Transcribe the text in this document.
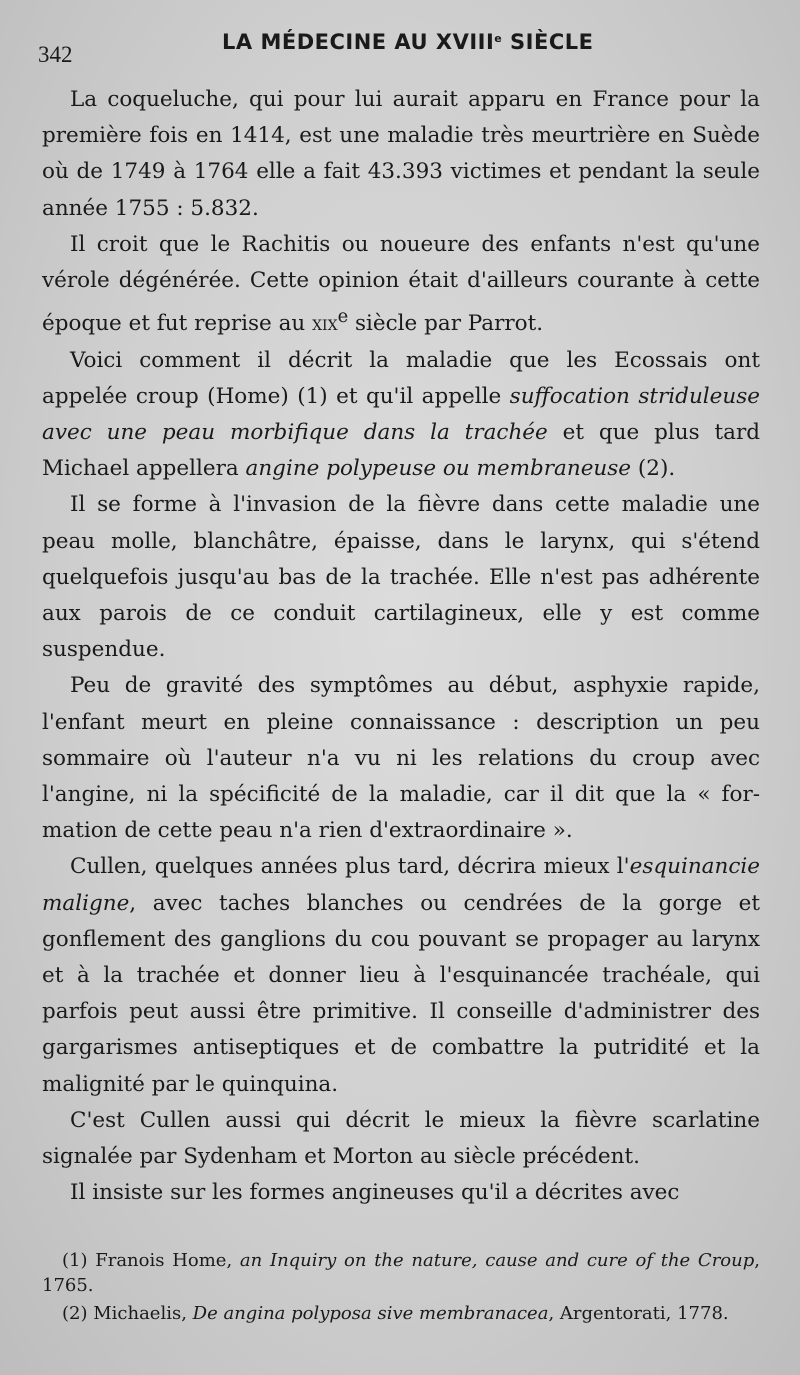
342	LA MÉDECINE AU XVIIIe SIÈCLE

La coqueluche, qui pour lui aurait apparu en France pour la première fois en 1414, est une maladie très meurtrière en Suède où de 1749 à 1764 elle a fait 43.393 victimes et pendant la seule année 1755 : 5.832.

Il croit que le Rachitis ou noueure des enfants n'est qu'une vérole dégénérée. Cette opinion était d'ailleurs courante à cette époque et fut reprise au xix$^e$ siècle par Parrot.

Voici comment il décrit la maladie que les Ecossais ont appelée croup (Home) (1) et qu'il appelle suffocation striduleuse avec une peau morbifique dans la trachée et que plus tard Michael appellera angine polypeuse ou membraneuse (2).

Il se forme à l'invasion de la fièvre dans cette maladie une peau molle, blanchâtre, épaisse, dans le larynx, qui s'étend quelquefois jusqu'au bas de la trachée. Elle n'est pas adhérente aux parois de ce conduit cartilagineux, elle y est comme suspendue.

Peu de gravité des symptômes au début, asphyxie rapide, l'enfant meurt en pleine connaissance : description un peu sommaire où l'auteur n'a vu ni les relations du croup avec l'angine, ni la spécificité de la maladie, car il dit que la « formation de cette peau n'a rien d'extraordinaire ».

Cullen, quelques années plus tard, décrira mieux l'esquinancie maligne, avec taches blanches ou cendrées de la gorge et gonflement des ganglions du cou pouvant se propager au larynx et à la trachée et donner lieu à l'esquinancée trachéale, qui parfois peut aussi être primitive. Il conseille d'administrer des gargarismes antiseptiques et de combattre la putridité et la malignité par le quinquina.

C'est Cullen aussi qui décrit le mieux la fièvre scarlatine signalée par Sydenham et Morton au siècle précédent.

Il insiste sur les formes angineuses qu'il a décrites avec

(1) Franois Home, an Inquiry on the nature, cause and cure of the Croup, 1765.

(2) Michaelis, De angina polyposa sive membranacea, Argentorati, 1778.
